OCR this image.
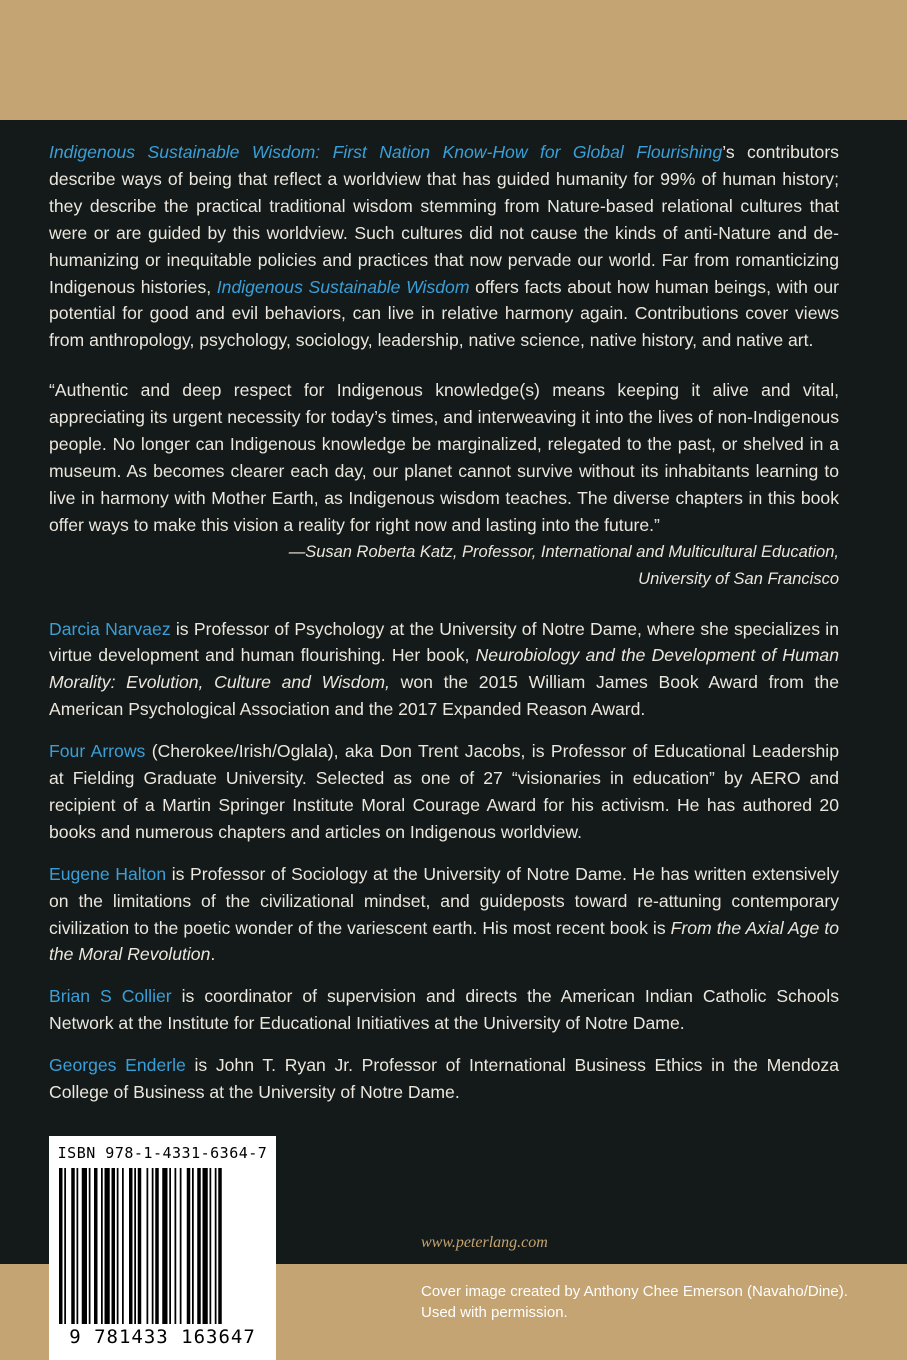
Indigenous Sustainable Wisdom: First Nation Know-How for Global Flourishing’s contributors describe ways of being that reflect a worldview that has guided humanity for 99% of human history; they describe the practical traditional wisdom stemming from Nature-based relational cultures that were or are guided by this worldview. Such cultures did not cause the kinds of anti-Nature and de-humanizing or inequitable policies and practices that now pervade our world. Far from romanticizing Indigenous histories, Indigenous Sustainable Wisdom offers facts about how human beings, with our potential for good and evil behaviors, can live in relative harmony again. Contributions cover views from anthropology, psychology, sociology, leadership, native science, native history, and native art.

“Authentic and deep respect for Indigenous knowledge(s) means keeping it alive and vital, appreciating its urgent necessity for today’s times, and interweaving it into the lives of non-Indigenous people. No longer can Indigenous knowledge be marginalized, relegated to the past, or shelved in a museum. As becomes clearer each day, our planet cannot survive without its inhabitants learning to live in harmony with Mother Earth, as Indigenous wisdom teaches. The diverse chapters in this book offer ways to make this vision a reality for right now and lasting into the future.”

—Susan Roberta Katz, Professor, International and Multicultural Education,
University of San Francisco

Darcia Narvaez is Professor of Psychology at the University of Notre Dame, where she specializes in virtue development and human flourishing. Her book, Neurobiology and the Development of Human Morality: Evolution, Culture and Wisdom, won the 2015 William James Book Award from the American Psychological Association and the 2017 Expanded Reason Award.

Four Arrows (Cherokee/Irish/Oglala), aka Don Trent Jacobs, is Professor of Educational Leadership at Fielding Graduate University. Selected as one of 27 “visionaries in education” by AERO and recipient of a Martin Springer Institute Moral Courage Award for his activism. He has authored 20 books and numerous chapters and articles on Indigenous worldview.

Eugene Halton is Professor of Sociology at the University of Notre Dame. He has written extensively on the limitations of the civilizational mindset, and guideposts toward re-attuning contemporary civilization to the poetic wonder of the variescent earth. His most recent book is From the Axial Age to the Moral Revolution.

Brian S Collier is coordinator of supervision and directs the American Indian Catholic Schools Network at the Institute for Educational Initiatives at the University of Notre Dame.

Georges Enderle is John T. Ryan Jr. Professor of International Business Ethics in the Mendoza College of Business at the University of Notre Dame.

ISBN 978-1-4331-6364-7
9 781433 163647
www.peterlang.com
Cover image created by Anthony Chee Emerson (Navaho/Dine). Used with permission.
